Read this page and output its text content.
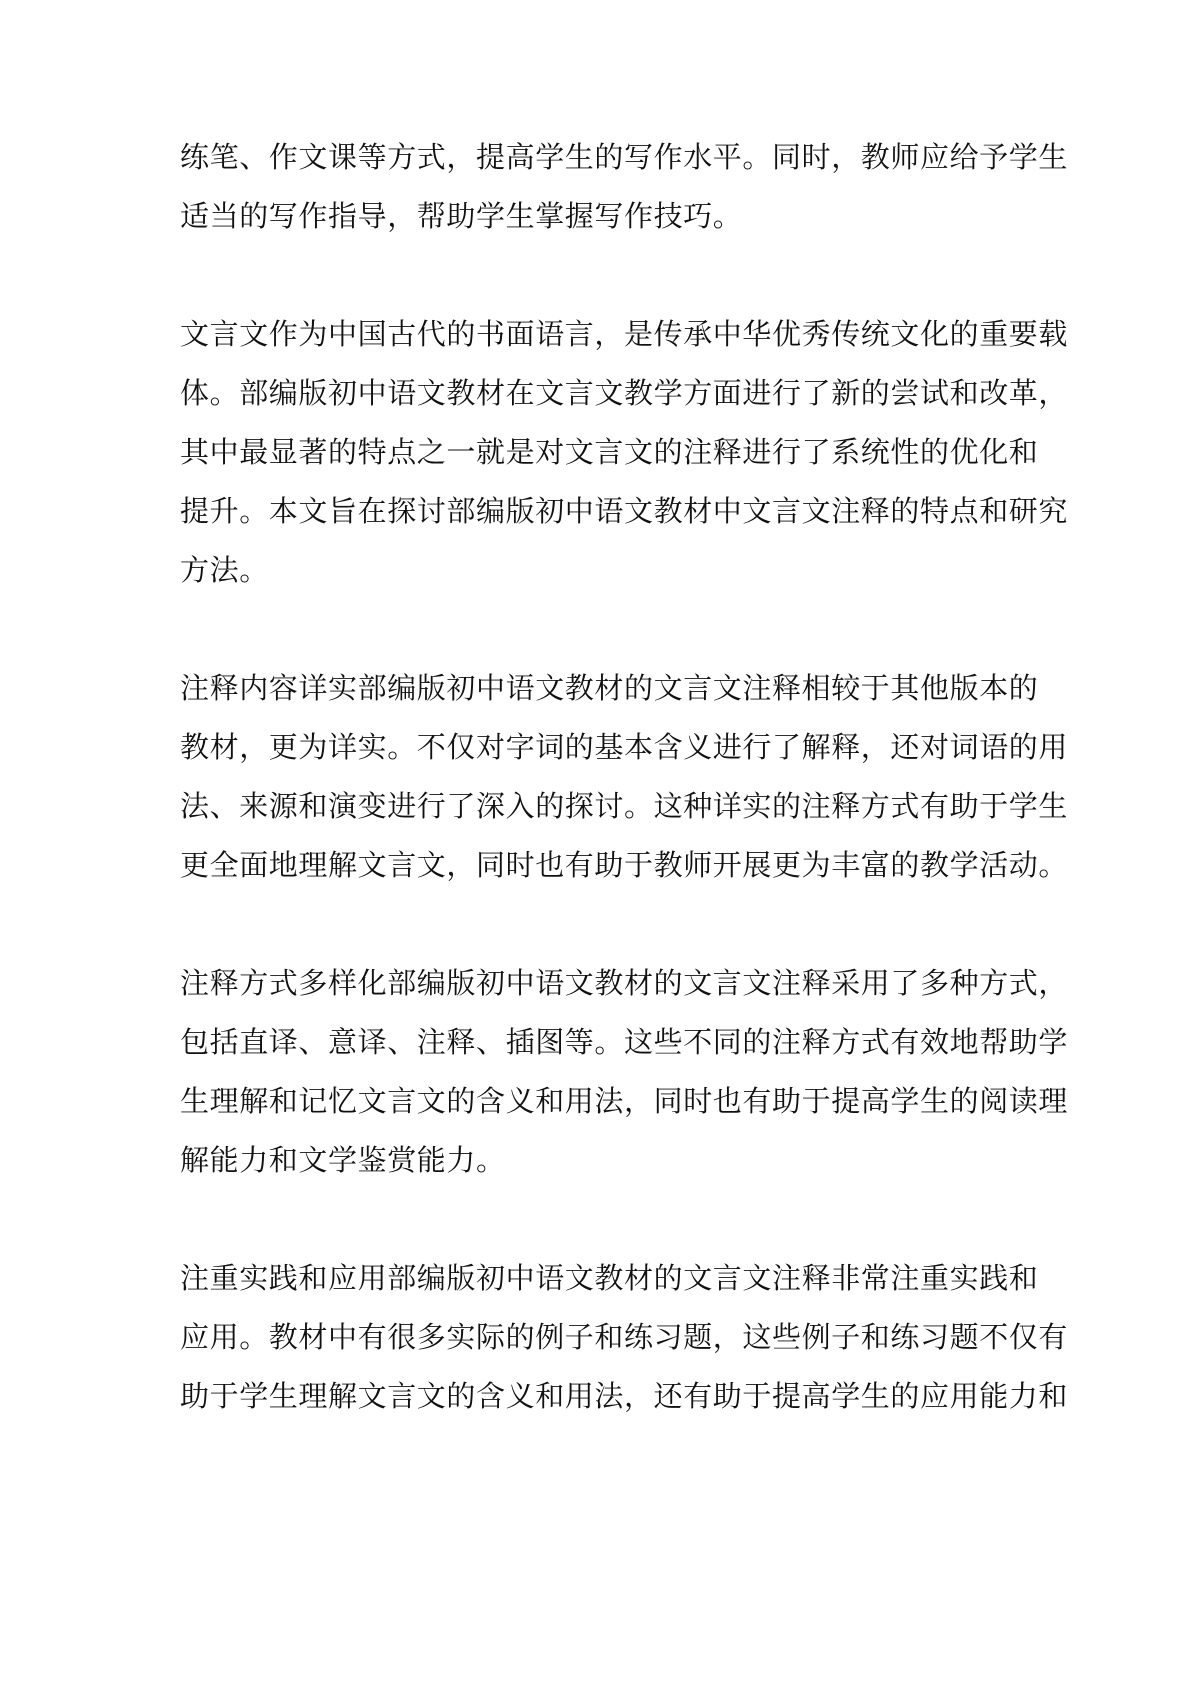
练笔、作文课等方式，提高学生的写作水平。同时，教师应给予学生
适当的写作指导，帮助学生掌握写作技巧。
文言文作为中国古代的书面语言，是传承中华优秀传统文化的重要载
体。部编版初中语文教材在文言文教学方面进行了新的尝试和改革，
其中最显著的特点之一就是对文言文的注释进行了系统性的优化和
提升。本文旨在探讨部编版初中语文教材中文言文注释的特点和研究
方法。
注释内容详实部编版初中语文教材的文言文注释相较于其他版本的
教材，更为详实。不仅对字词的基本含义进行了解释，还对词语的用
法、来源和演变进行了深入的探讨。这种详实的注释方式有助于学生
更全面地理解文言文，同时也有助于教师开展更为丰富的教学活动。
注释方式多样化部编版初中语文教材的文言文注释采用了多种方式，
包括直译、意译、注释、插图等。这些不同的注释方式有效地帮助学
生理解和记忆文言文的含义和用法，同时也有助于提高学生的阅读理
解能力和文学鉴赏能力。
注重实践和应用部编版初中语文教材的文言文注释非常注重实践和
应用。教材中有很多实际的例子和练习题，这些例子和练习题不仅有
助于学生理解文言文的含义和用法，还有助于提高学生的应用能力和
